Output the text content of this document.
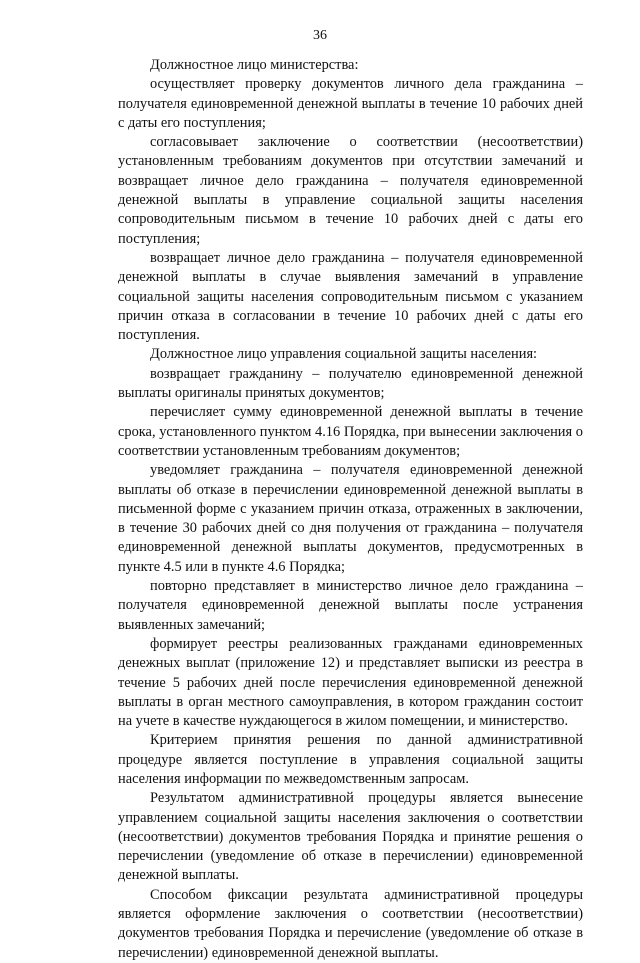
36

Должностное лицо министерства:

осуществляет проверку документов личного дела гражданина – получателя единовременной денежной выплаты в течение 10 рабочих дней с даты его поступления;

согласовывает заключение о соответствии (несоответствии) установленным требованиям документов при отсутствии замечаний и возвращает личное дело гражданина – получателя единовременной денежной выплаты в управление социальной защиты населения сопроводительным письмом в течение 10 рабочих дней с даты его поступления;

возвращает личное дело гражданина – получателя единовременной денежной выплаты в случае выявления замечаний в управление социальной защиты населения сопроводительным письмом с указанием причин отказа в согласовании в течение 10 рабочих дней с даты его поступления.

Должностное лицо управления социальной защиты населения:

возвращает гражданину – получателю единовременной денежной выплаты оригиналы принятых документов;

перечисляет сумму единовременной денежной выплаты в течение срока, установленного пунктом 4.16 Порядка, при вынесении заключения о соответствии установленным требованиям документов;

уведомляет гражданина – получателя единовременной денежной выплаты об отказе в перечислении единовременной денежной выплаты в письменной форме с указанием причин отказа, отраженных в заключении, в течение 30 рабочих дней со дня получения от гражданина – получателя единовременной денежной выплаты документов, предусмотренных в пункте 4.5 или в пункте 4.6 Порядка;

повторно представляет в министерство личное дело гражданина – получателя единовременной денежной выплаты после устранения выявленных замечаний;

формирует реестры реализованных гражданами единовременных денежных выплат (приложение 12) и представляет выписки из реестра в течение 5 рабочих дней после перечисления единовременной денежной выплаты в орган местного самоуправления, в котором гражданин состоит на учете в качестве нуждающегося в жилом помещении, и министерство.

Критерием принятия решения по данной административной процедуре является поступление в управления социальной защиты населения информации по межведомственным запросам.

Результатом административной процедуры является вынесение управлением социальной защиты населения заключения о соответствии (несоответствии) документов требования Порядка и принятие решения о перечислении (уведомление об отказе в перечислении) единовременной денежной выплаты.

Способом фиксации результата административной процедуры является оформление заключения о соответствии (несоответствии) документов требования Порядка и перечисление (уведомление об отказе в перечислении) единовременной денежной выплаты.
